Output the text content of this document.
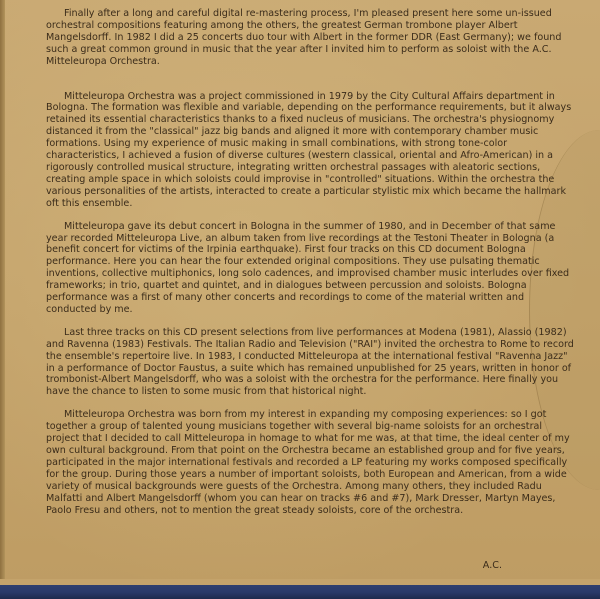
Finally after a long and careful digital re-mastering process, I'm pleased present here some un-issued orchestral compositions featuring among the others, the greatest German trombone player Albert Mangelsdorff. In 1982 I did a 25 concerts duo tour with Albert in the former DDR (East Germany); we found such a great common ground in music that the year after I invited him to perform as soloist with the A.C. Mitteleuropa Orchestra.

Mitteleuropa Orchestra was a project commissioned in 1979 by the City Cultural Affairs department in Bologna. The formation was flexible and variable, depending on the performance requirements, but it always retained its essential characteristics thanks to a fixed nucleus of musicians. The orchestra's physiognomy distanced it from the "classical" jazz big bands and aligned it more with contemporary chamber music formations. Using my experience of music making in small combinations, with strong tone-color characteristics, I achieved a fusion of diverse cultures (western classical, oriental and Afro-American) in a rigorously controlled musical structure, integrating written orchestral passages with aleatoric sections, creating ample space in which soloists could improvise in "controlled" situations. Within the orchestra the various personalities of the artists, interacted to create a particular stylistic mix which became the hallmark oft this ensemble.

Mitteleuropa gave its debut concert in Bologna in the summer of 1980, and in December of that same year recorded Mitteleuropa Live, an album taken from live recordings at the Testoni Theater in Bologna (a benefit concert for victims of the Irpinia earthquake). First four tracks on this CD document Bologna performance. Here you can hear the four extended original compositions. They use pulsating thematic inventions, collective multiphonics, long solo cadences, and improvised chamber music interludes over fixed frameworks; in trio, quartet and quintet, and in dialogues between percussion and soloists. Bologna performance was a first of many other concerts and recordings to come of the material written and conducted by me.

Last three tracks on this CD present selections from live performances at Modena (1981), Alassio (1982) and Ravenna (1983) Festivals. The Italian Radio and Television ("RAI") invited the orchestra to Rome to record the ensemble's repertoire live. In 1983, I conducted Mitteleuropa at the international festival "Ravenna Jazz" in a performance of Doctor Faustus, a suite which has remained unpublished for 25 years, written in honor of trombonist-Albert Mangelsdorff, who was a soloist with the orchestra for the performance. Here finally you have the chance to listen to some music from that historical night.

Mitteleuropa Orchestra was born from my interest in expanding my composing experiences: so I got together a group of talented young musicians together with several big-name soloists for an orchestral project that I decided to call Mitteleuropa in homage to what for me was, at that time, the ideal center of my own cultural background. From that point on the Orchestra became an established group and for five years, participated in the major international festivals and recorded a LP featuring my works composed specifically for the group. During those years a number of important soloists, both European and American, from a wide variety of musical backgrounds were guests of the Orchestra. Among many others, they included Radu Malfatti and Albert Mangelsdorff (whom you can hear on tracks #6 and #7), Mark Dresser, Martyn Mayes, Paolo Fresu and others, not to mention the great steady soloists, core of the orchestra.

A.C.
